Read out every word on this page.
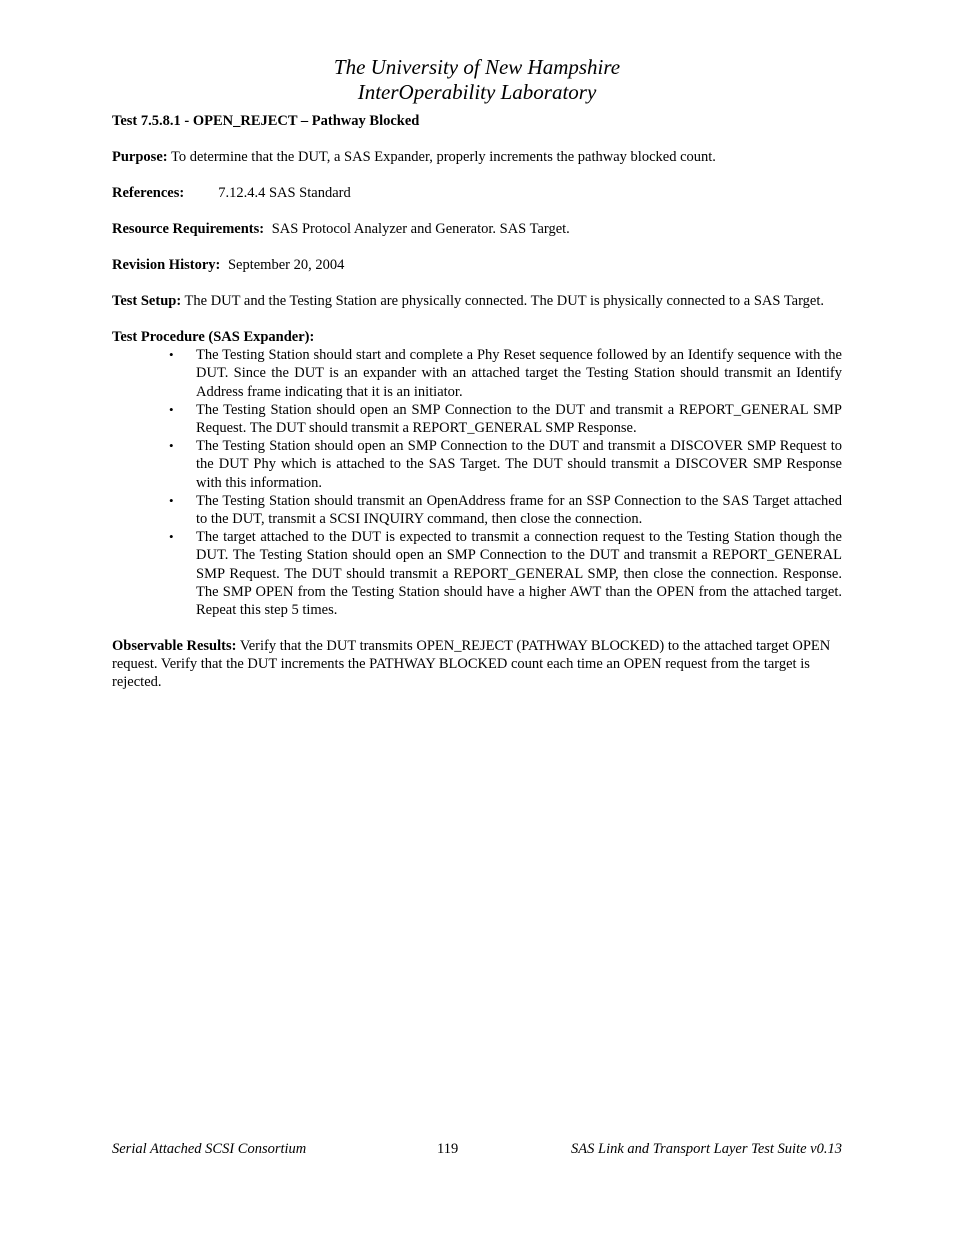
The University of New Hampshire
InterOperability Laboratory
Test 7.5.8.1 - OPEN_REJECT – Pathway Blocked
Purpose: To determine that the DUT, a SAS Expander, properly increments the pathway blocked count.
References: 7.12.4.4 SAS Standard
Resource Requirements: SAS Protocol Analyzer and Generator. SAS Target.
Revision History: September 20, 2004
Test Setup: The DUT and the Testing Station are physically connected. The DUT is physically connected to a SAS Target.
Test Procedure (SAS Expander):
• The Testing Station should start and complete a Phy Reset sequence followed by an Identify sequence with the DUT. Since the DUT is an expander with an attached target the Testing Station should transmit an Identify Address frame indicating that it is an initiator.
• The Testing Station should open an SMP Connection to the DUT and transmit a REPORT_GENERAL SMP Request. The DUT should transmit a REPORT_GENERAL SMP Response.
• The Testing Station should open an SMP Connection to the DUT and transmit a DISCOVER SMP Request to the DUT Phy which is attached to the SAS Target. The DUT should transmit a DISCOVER SMP Response with this information.
• The Testing Station should transmit an OpenAddress frame for an SSP Connection to the SAS Target attached to the DUT, transmit a SCSI INQUIRY command, then close the connection.
• The target attached to the DUT is expected to transmit a connection request to the Testing Station though the DUT. The Testing Station should open an SMP Connection to the DUT and transmit a REPORT_GENERAL SMP Request. The DUT should transmit a REPORT_GENERAL SMP, then close the connection. Response. The SMP OPEN from the Testing Station should have a higher AWT than the OPEN from the attached target. Repeat this step 5 times.
Observable Results: Verify that the DUT transmits OPEN_REJECT (PATHWAY BLOCKED) to the attached target OPEN request. Verify that the DUT increments the PATHWAY BLOCKED count each time an OPEN request from the target is rejected.
Serial Attached SCSI Consortium	119	SAS Link and Transport Layer Test Suite v0.13
